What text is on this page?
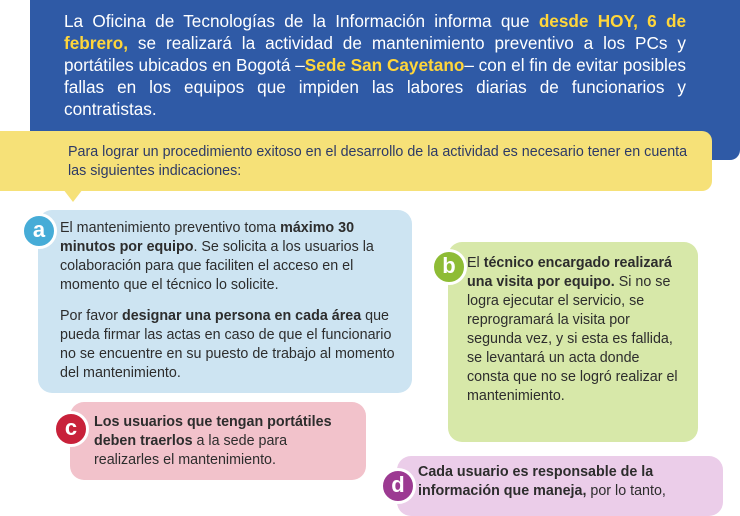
La Oficina de Tecnologías de la Información informa que desde HOY, 6 de febrero, se realizará la actividad de mantenimiento preventivo a los PCs y portátiles ubicados en Bogotá –Sede San Cayetano– con el fin de evitar posibles fallas en los equipos que impiden las labores diarias de funcionarios y contratistas.

Para lograr un procedimiento exitoso en el desarrollo de la actividad es necesario tener en cuenta las siguientes indicaciones:

El mantenimiento preventivo toma máximo 30 minutos por equipo. Se solicita a los usuarios la colaboración para que faciliten el acceso en el momento que el técnico lo solicite.

Por favor designar una persona en cada área que pueda firmar las actas en caso de que el funcionario no se encuentre en su puesto de trabajo al momento del mantenimiento.

a

El técnico encargado realizará una visita por equipo. Si no se logra ejecutar el servicio, se reprogramará la visita por segunda vez, y si esta es fallida, se levantará un acta donde consta que no se logró realizar el mantenimiento.

b

Los usuarios que tengan portátiles deben traerlos a la sede para realizarles el mantenimiento.

c

Cada usuario es responsable de la información que maneja, por lo tanto,

d
